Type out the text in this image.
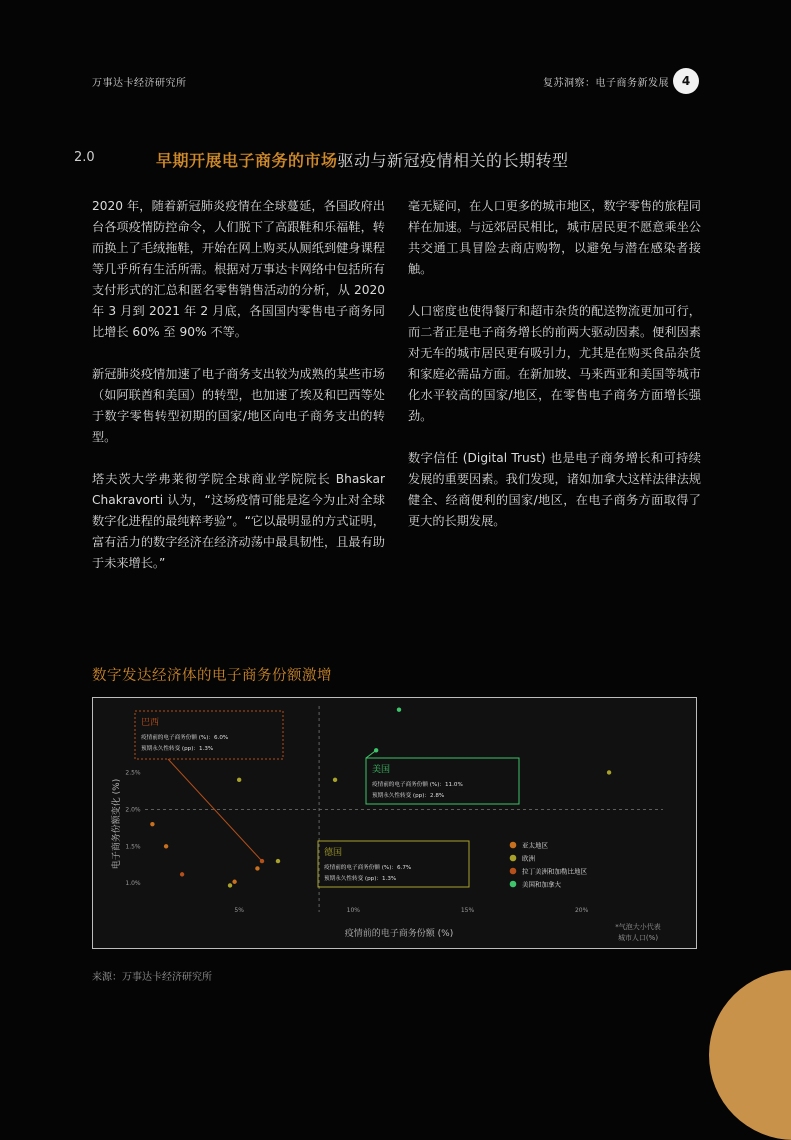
万事达卡经济研究所	复苏洞察：电子商务新发展	4
2.0	早期开展电子商务的市场驱动与新冠疫情相关的长期转型

2020 年，随着新冠肺炎疫情在全球蔓延，各国政府出台各项疫情防控命令，人们脱下了高跟鞋和乐福鞋，转而换上了毛绒拖鞋，开始在网上购买从厕纸到健身课程等几乎所有生活所需。根据对万事达卡网络中包括所有支付形式的汇总和匿名零售销售活动的分析，从 2020 年 3 月到 2021 年 2 月底，各国国内零售电子商务同比增长 60% 至 90% 不等。

新冠肺炎疫情加速了电子商务支出较为成熟的某些市场（如阿联酋和美国）的转型，也加速了埃及和巴西等处于数字零售转型初期的国家/地区向电子商务支出的转型。

塔夫茨大学弗莱彻学院全球商业学院院长 Bhaskar Chakravorti 认为，“这场疫情可能是迄今为止对全球数字化进程的最纯粹考验”。“它以最明显的方式证明，富有活力的数字经济在经济动荡中最具韧性，且最有助于未来增长。”

毫无疑问，在人口更多的城市地区，数字零售的旅程同样在加速。与远郊居民相比，城市居民更不愿意乘坐公共交通工具冒险去商店购物，以避免与潜在感染者接触。

人口密度也使得餐厅和超市杂货的配送物流更加可行，而二者正是电子商务增长的前两大驱动因素。便利因素对无车的城市居民更有吸引力，尤其是在购买食品杂货和家庭必需品方面。在新加坡、马来西亚和美国等城市化水平较高的国家/地区，在零售电子商务方面增长强劲。

数字信任 (Digital Trust) 也是电子商务增长和可持续发展的重要因素。我们发现，诸如加拿大这样法律法规健全、经商便利的国家/地区，在电子商务方面取得了更大的长期发展。

数字发达经济体的电子商务份额激增
电子商务份额变化 (%)
疫情前的电子商务份额 (%)
*气泡大小代表
城市人口(%)
5%	10%	15%	20%
1.0%
1.5%
2.0%
2.5%
巴西
疫情前的电子商务份额 (%)：6.0%
预期永久性转变 (pp)：1.3%
美国
疫情前的电子商务份额 (%)：11.0%
预期永久性转变 (pp)：2.8%
德国
疫情前的电子商务份额 (%)：6.7%
预期永久性转变 (pp)：1.3%
亚太地区
欧洲
拉丁美洲和加勒比地区
美国和加拿大
来源：万事达卡经济研究所
